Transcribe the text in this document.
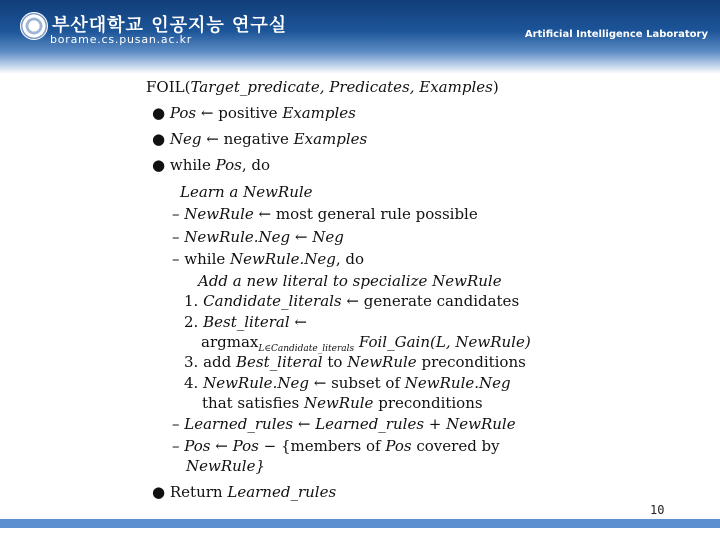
부산대학교 인공지능 연구실
borame.cs.pusan.ac.kr	Artificial Intelligence Laboratory
FOIL(Target_predicate, Predicates, Examples)
● Pos ← positive Examples
● Neg ← negative Examples
● while Pos, do
Learn a NewRule
– NewRule ← most general rule possible
– NewRule.Neg ← Neg
– while NewRule.Neg, do
Add a new literal to specialize NewRule
1. Candidate_literals ← generate candidates
2. Best_literal ←
argmax$_{L\in Candidate\_literals}$ Foil_Gain(L, NewRule)
3. add Best_literal to NewRule preconditions
4. NewRule.Neg ← subset of NewRule.Neg
that satisfies NewRule preconditions
– Learned_rules ← Learned_rules + NewRule
– Pos ← Pos − {members of Pos covered by
NewRule}
● Return Learned_rules
10
